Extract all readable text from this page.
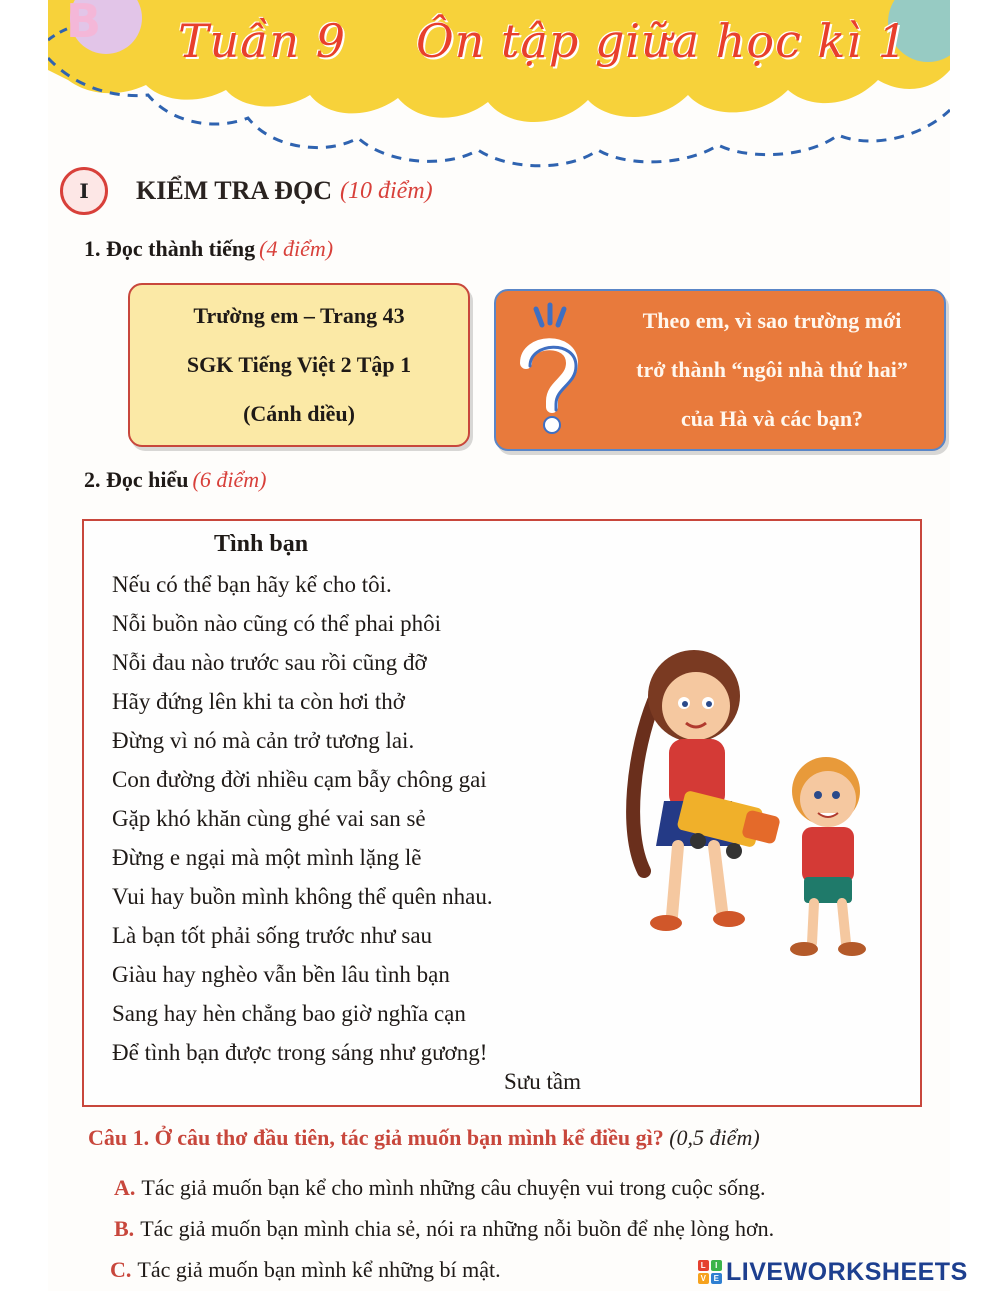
Tuần 9 Ôn tập giữa học kì 1
B
I	KIỂM TRA ĐỌC (10 điểm)
1. Đọc thành tiếng (4 điểm)
Trường em – Trang 43
SGK Tiếng Việt 2 Tập 1
(Cánh diều)
Theo em, vì sao trường mới
trở thành “ngôi nhà thứ hai”
của Hà và các bạn?
2. Đọc hiểu (6 điểm)
Tình bạn
Nếu có thể bạn hãy kể cho tôi.
Nỗi buồn nào cũng có thể phai phôi
Nỗi đau nào trước sau rồi cũng đỡ
Hãy đứng lên khi ta còn hơi thở
Đừng vì nó mà cản trở tương lai.
Con đường đời nhiều cạm bẫy chông gai
Gặp khó khăn cùng ghé vai san sẻ
Đừng e ngại mà một mình lặng lẽ
Vui hay buồn mình không thể quên nhau.
Là bạn tốt phải sống trước như sau
Giàu hay nghèo vẫn bền lâu tình bạn
Sang hay hèn chẳng bao giờ nghĩa cạn
Để tình bạn được trong sáng như gương!
Sưu tầm
Câu 1. Ở câu thơ đầu tiên, tác giả muốn bạn mình kể điều gì? (0,5 điểm)
A. Tác giả muốn bạn kể cho mình những câu chuyện vui trong cuộc sống.
B. Tác giả muốn bạn mình chia sẻ, nói ra những nỗi buồn để nhẹ lòng hơn.
C. Tác giả muốn bạn mình kể những bí mật.	L	I
V E LIVEWORKSHEETS
